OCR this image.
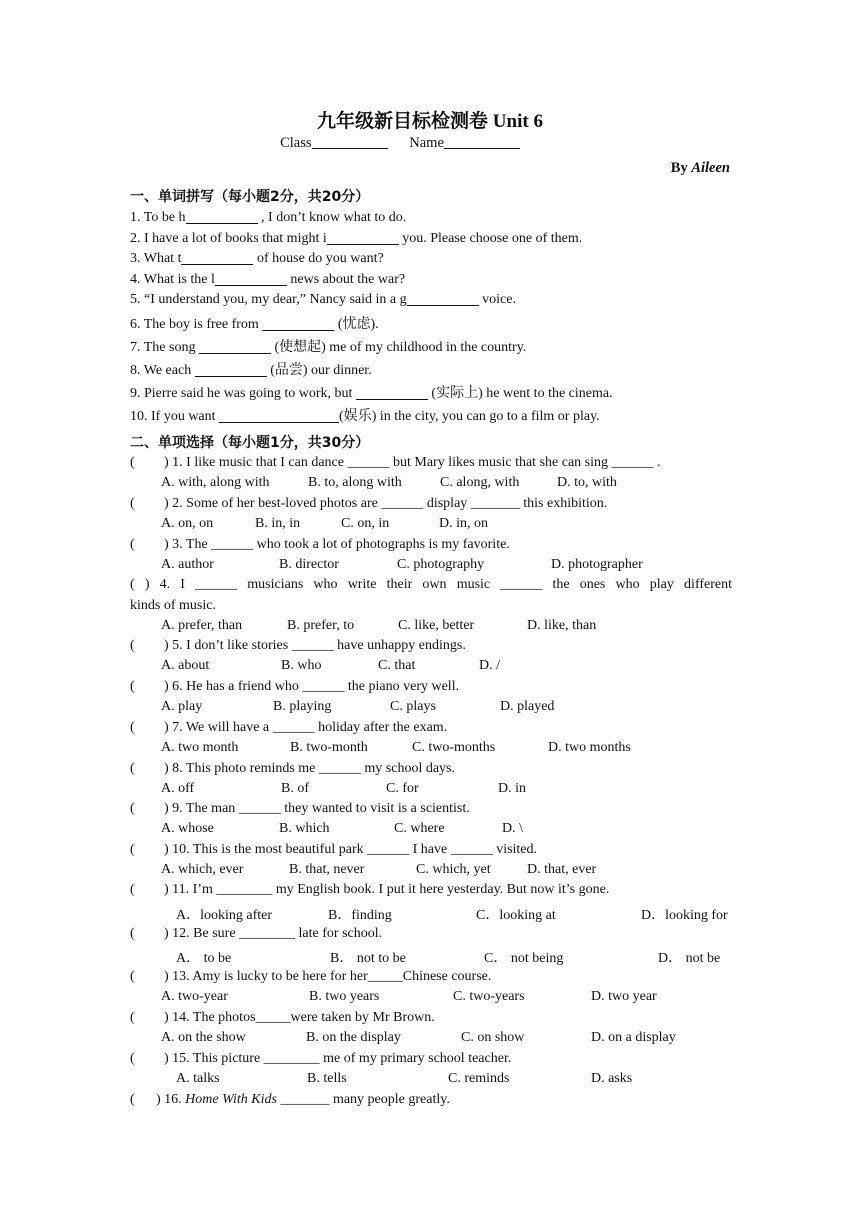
九年级新目标检测卷 Unit 6
Class	Name
By Aileen
一、单词拼写（每小题2分，共20分）
1. To be h	, I don’t know what to do.
2. I have a lot of books that might i	you. Please choose one of them.
3. What t	of house do you want?
4. What is the l	news about the war?
5. “I understand you, my dear,” Nancy said in a g	voice.
6. The boy is free from	(忧虑).
7. The song	(使想起) me of my childhood in the country.
8. We each	(品尝) our dinner.
9. Pierre said he was going to work, but	(实际上) he went to the cinema.
10. If you want	(娱乐) in the city, you can go to a film or play.
二、单项选择（每小题1分，共30分）
( ) 1. I like music that I can dance ______ but Mary likes music that she can sing ______ .
A. with, along with	B. to, along with	C. along, with	D. to, with
( ) 2. Some of her best-loved photos are ______ display _______ this exhibition.
A. on, on	B. in, in	C. on, in	D. in, on
( ) 3. The ______ who took a lot of photographs is my favorite.
A. author	B. director	C. photography	D. photographer
( ) 4. I ______ musicians who write their own music ______ the ones who play different
kinds of music.
A. prefer, than	B. prefer, to	C. like, better	D. like, than
( ) 5. I don’t like stories ______ have unhappy endings.
A. about	B. who	C. that	D. /
( ) 6. He has a friend who ______ the piano very well.
A. play	B. playing	C. plays	D. played
( ) 7. We will have a ______ holiday after the exam.
A. two month	B. two-month	C. two-months	D. two months
( ) 8. This photo reminds me ______ my school days.
A. off	B. of	C. for	D. in
( ) 9. The man ______ they wanted to visit is a scientist.
A. whose	B. which	C. where	D. \
( ) 10. This is the most beautiful park ______ I have ______ visited.
A. which, ever	B. that, never	C. which, yet	D. that, ever
( ) 11. I’m ________ my English book. I put it here yesterday. But now it’s gone.
A．looking after	B．finding	C．looking at	D．looking for
( ) 12. Be sure ________ late for school.
A． to be	B． not to be	C． not being	D． not be
( ) 13. Amy is lucky to be here for her_____Chinese course.
A. two-year	B. two years	C. two-years	D. two year
( ) 14. The photos_____were taken by Mr Brown.
A. on the show	B. on the display	C. on show	D. on a display
( ) 15. This picture ________ me of my primary school teacher.
A. talks	B. tells	C. reminds	D. asks
( ) 16. Home With Kids _______ many people greatly.
